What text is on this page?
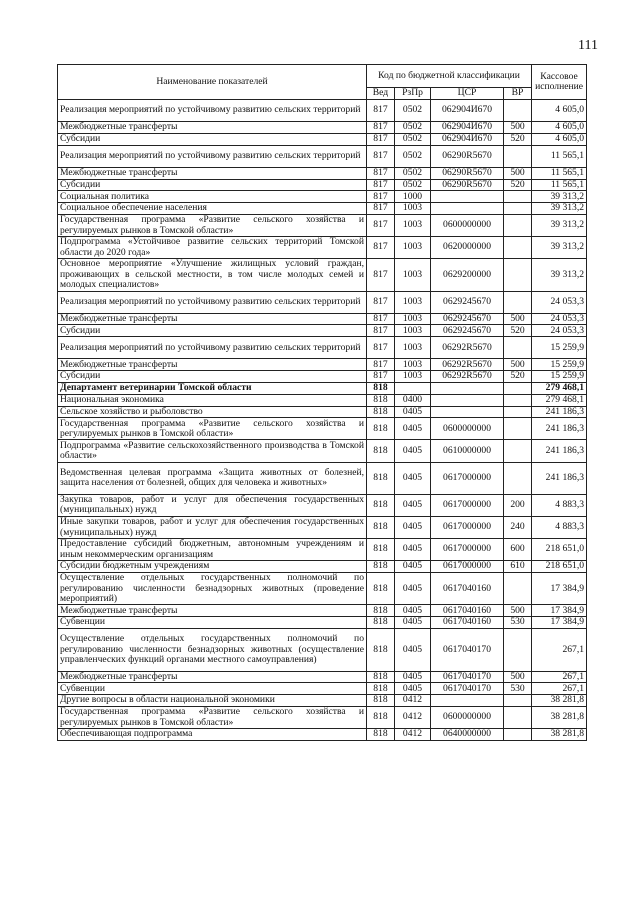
111
Наименование показателей	Код по бюджетной классификации				Кассовое исполнение
	Вед	РзПр	ЦСР	ВР	
Реализация мероприятий по устойчивому развитию сельских территорий	817	0502	062904И670		4 605,0
Межбюджетные трансферты	817	0502	062904И670	500	4 605,0
Субсидии	817	0502	062904И670	520	4 605,0
Реализация мероприятий по устойчивому развитию сельских территорий	817	0502	06290R5670		11 565,1
Межбюджетные трансферты	817	0502	06290R5670	500	11 565,1
Субсидии	817	0502	06290R5670	520	11 565,1
Социальная политика	817	1000			39 313,2
Социальное обеспечение населения	817	1003			39 313,2
Государственная программа «Развитие сельского хозяйства и регулируемых рынков в Томской области»	817	1003	0600000000		39 313,2
Подпрограмма «Устойчивое развитие сельских территорий Томской области до 2020 года»	817	1003	0620000000		39 313,2
Основное мероприятие «Улучшение жилищных условий граждан, проживающих в сельской местности, в том числе молодых семей и молодых специалистов»	817	1003	0629200000		39 313,2
Реализация мероприятий по устойчивому развитию сельских территорий	817	1003	0629245670		24 053,3
Межбюджетные трансферты	817	1003	0629245670	500	24 053,3
Субсидии	817	1003	0629245670	520	24 053,3
Реализация мероприятий по устойчивому развитию сельских территорий	817	1003	06292R5670		15 259,9
Межбюджетные трансферты	817	1003	06292R5670	500	15 259,9
Субсидии	817	1003	06292R5670	520	15 259,9
Департамент ветеринарии Томской области	818				279 468,1
Национальная экономика	818	0400			279 468,1
Сельское хозяйство и рыболовство	818	0405			241 186,3
Государственная программа «Развитие сельского хозяйства и регулируемых рынков в Томской области»	818	0405	0600000000		241 186,3
Подпрограмма «Развитие сельскохозяйственного производства в Томской области»	818	0405	0610000000		241 186,3
Ведомственная целевая программа «Защита животных от болезней, защита населения от болезней, общих для человека и животных»	818	0405	0617000000		241 186,3
Закупка товаров, работ и услуг для обеспечения государственных (муниципальных) нужд	818	0405	0617000000	200	4 883,3
Иные закупки товаров, работ и услуг для обеспечения государственных (муниципальных) нужд	818	0405	0617000000	240	4 883,3
Предоставление субсидий бюджетным, автономным учреждениям и иным некоммерческим организациям	818	0405	0617000000	600	218 651,0
Субсидии бюджетным учреждениям	818	0405	0617000000	610	218 651,0
Осуществление отдельных государственных полномочий по регулированию численности безнадзорных животных (проведение мероприятий)	818	0405	0617040160		17 384,9
Межбюджетные трансферты	818	0405	0617040160	500	17 384,9
Субвенции	818	0405	0617040160	530	17 384,9
Осуществление отдельных государственных полномочий по регулированию численности безнадзорных животных (осуществление управленческих функций органами местного самоуправления)	818	0405	0617040170		267,1
Межбюджетные трансферты	818	0405	0617040170	500	267,1
Субвенции	818	0405	0617040170	530	267,1
Другие вопросы в области национальной экономики	818	0412			38 281,8
Государственная программа «Развитие сельского хозяйства и регулируемых рынков в Томской области»	818	0412	0600000000		38 281,8
Обеспечивающая подпрограмма	818	0412	0640000000		38 281,8
